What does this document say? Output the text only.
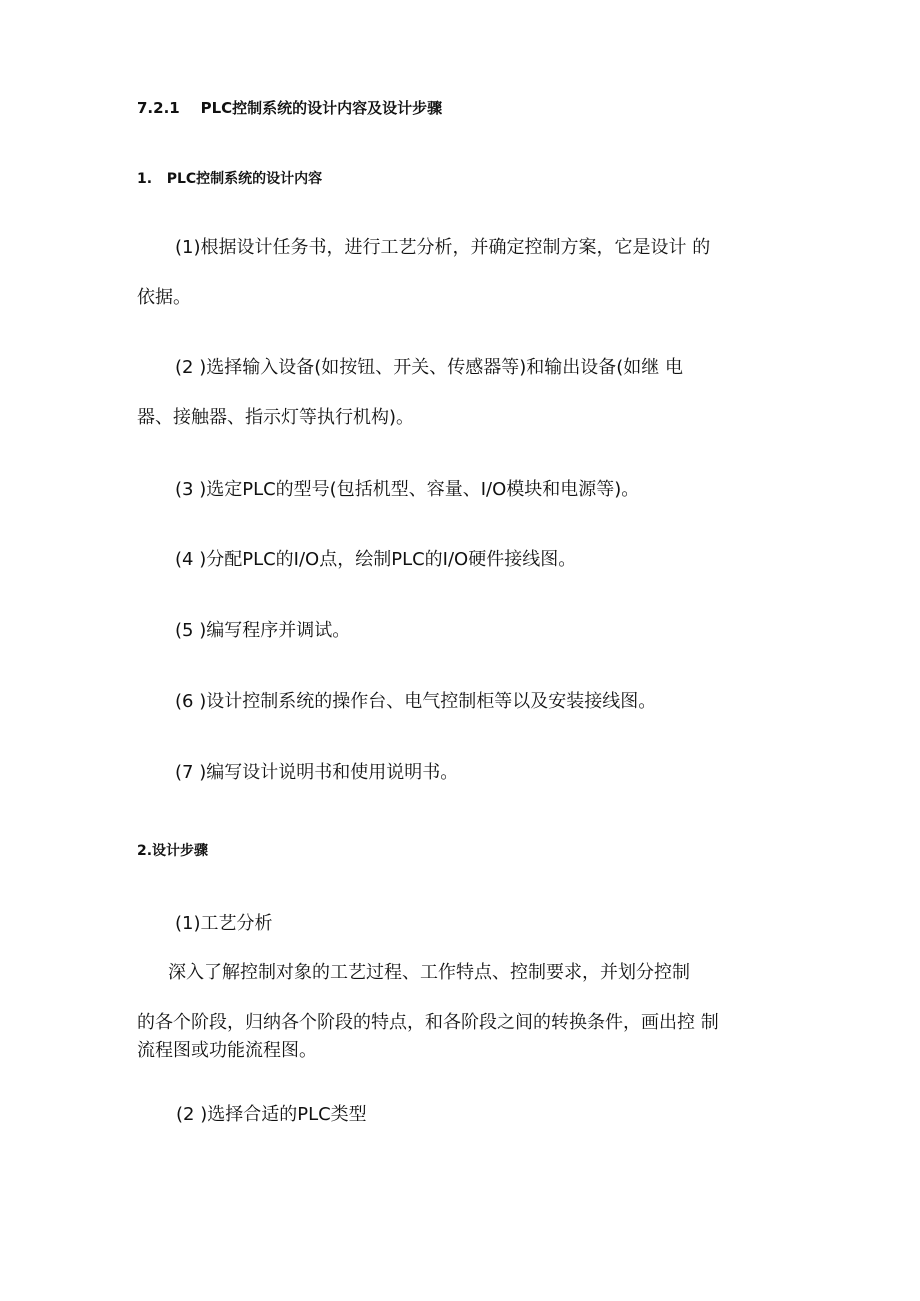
7.2.1 PLC控制系统的设计内容及设计步骤
1. PLC控制系统的设计内容
(1)根据设计任务书，进行工艺分析，并确定控制方案，它是设计 的
依据。
(2 )选择输入设备(如按钮、开关、传感器等)和输出设备(如继 电
器、接触器、指示灯等执行机构)。
(3 )选定PLC的型号(包括机型、容量、I/O模块和电源等)。
(4 )分配PLC的I/O点，绘制PLC的I/O硬件接线图。
(5 )编写程序并调试。
(6 )设计控制系统的操作台、电气控制柜等以及安装接线图。
(7 )编写设计说明书和使用说明书。
2.设计步骤
(1)工艺分析
深入了解控制对象的工艺过程、工作特点、控制要求，并划分控制
的各个阶段，归纳各个阶段的特点，和各阶段之间的转换条件，画出控 制
流程图或功能流程图。
(2 )选择合适的PLC类型
